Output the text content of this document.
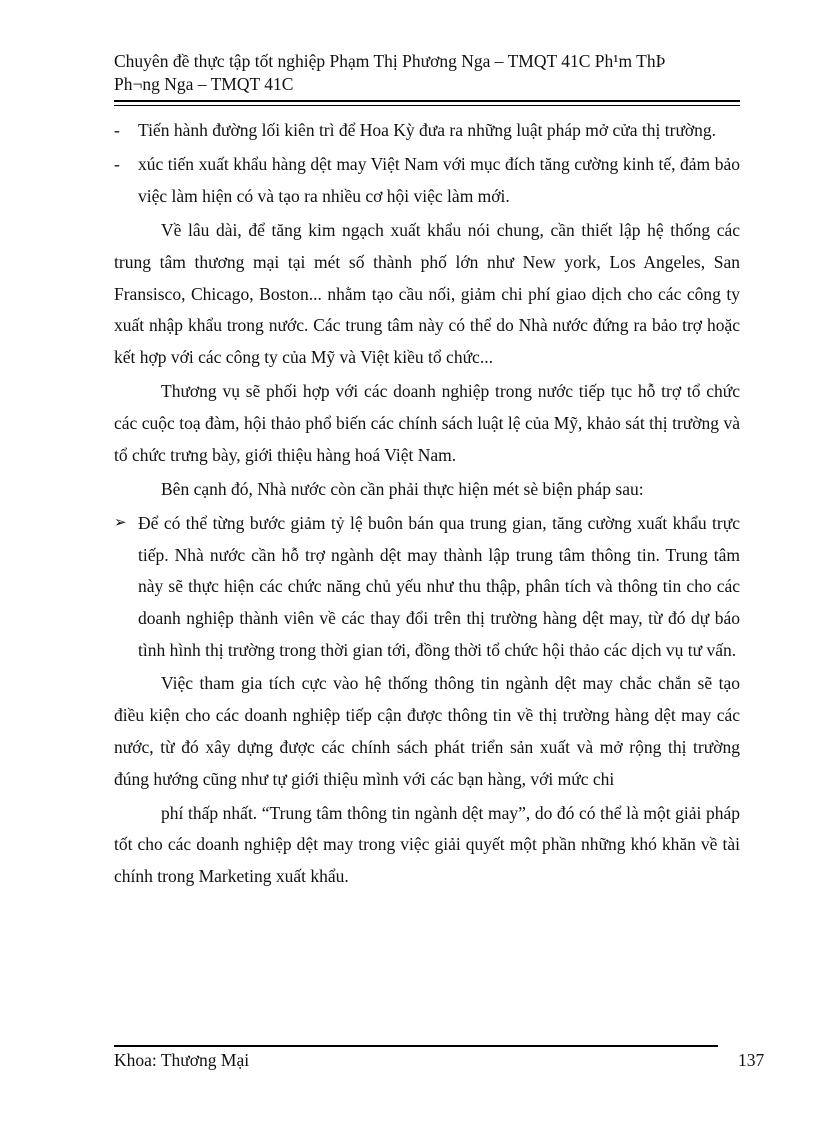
Chuyên đề thực tập tốt nghiệp Phạm Thị Phương Nga – TMQT 41C Ph¹m ThÞ
Ph¬ng Nga – TMQT 41C
-	Tiến hành đường lối kiên trì để Hoa Kỳ đưa ra những luật pháp mở cửa thị trường.
-	xúc tiến xuất khẩu hàng dệt may Việt Nam với mục đích tăng cường kinh tế, đảm bảo việc làm hiện có và tạo ra nhiều cơ hội việc làm mới.

Về lâu dài, để tăng kim ngạch xuất khẩu nói chung, cần thiết lập hệ thống các trung tâm thương mại tại mét số thành phố lớn như New york, Los Angeles, San Fransisco, Chicago, Boston... nhằm tạo cầu nối, giảm chi phí giao dịch cho các công ty xuất nhập khẩu trong nước. Các trung tâm này có thể do Nhà nước đứng ra bảo trợ hoặc kết hợp với các công ty của Mỹ và Việt kiều tổ chức...

Thương vụ sẽ phối hợp với các doanh nghiệp trong nước tiếp tục hỗ trợ tổ chức các cuộc toạ đàm, hội thảo phổ biến các chính sách luật lệ của Mỹ, khảo sát thị trường và tổ chức trưng bày, giới thiệu hàng hoá Việt Nam.

Bên cạnh đó, Nhà nước còn cần phải thực hiện mét sè biện pháp sau:

➢ Để có thể từng bước giảm tỷ lệ buôn bán qua trung gian, tăng cường xuất khẩu trực tiếp. Nhà nước cần hỗ trợ ngành dệt may thành lập trung tâm thông tin. Trung tâm này sẽ thực hiện các chức năng chủ yếu như thu thập, phân tích và thông tin cho các doanh nghiệp thành viên về các thay đổi trên thị trường hàng dệt may, từ đó dự báo tình hình thị trường trong thời gian tới, đồng thời tổ chức hội thảo các dịch vụ tư vấn.

Việc tham gia tích cực vào hệ thống thông tin ngành dệt may chắc chắn sẽ tạo điều kiện cho các doanh nghiệp tiếp cận được thông tin về thị trường hàng dệt may các nước, từ đó xây dựng được các chính sách phát triển sản xuất và mở rộng thị trường đúng hướng cũng như tự giới thiệu mình với các bạn hàng, với mức chi

phí thấp nhất. “Trung tâm thông tin ngành dệt may”, do đó có thể là một giải pháp tốt cho các doanh nghiệp dệt may trong việc giải quyết một phần những khó khăn về tài chính trong Marketing xuất khẩu.

Khoa: Thương Mại	137
